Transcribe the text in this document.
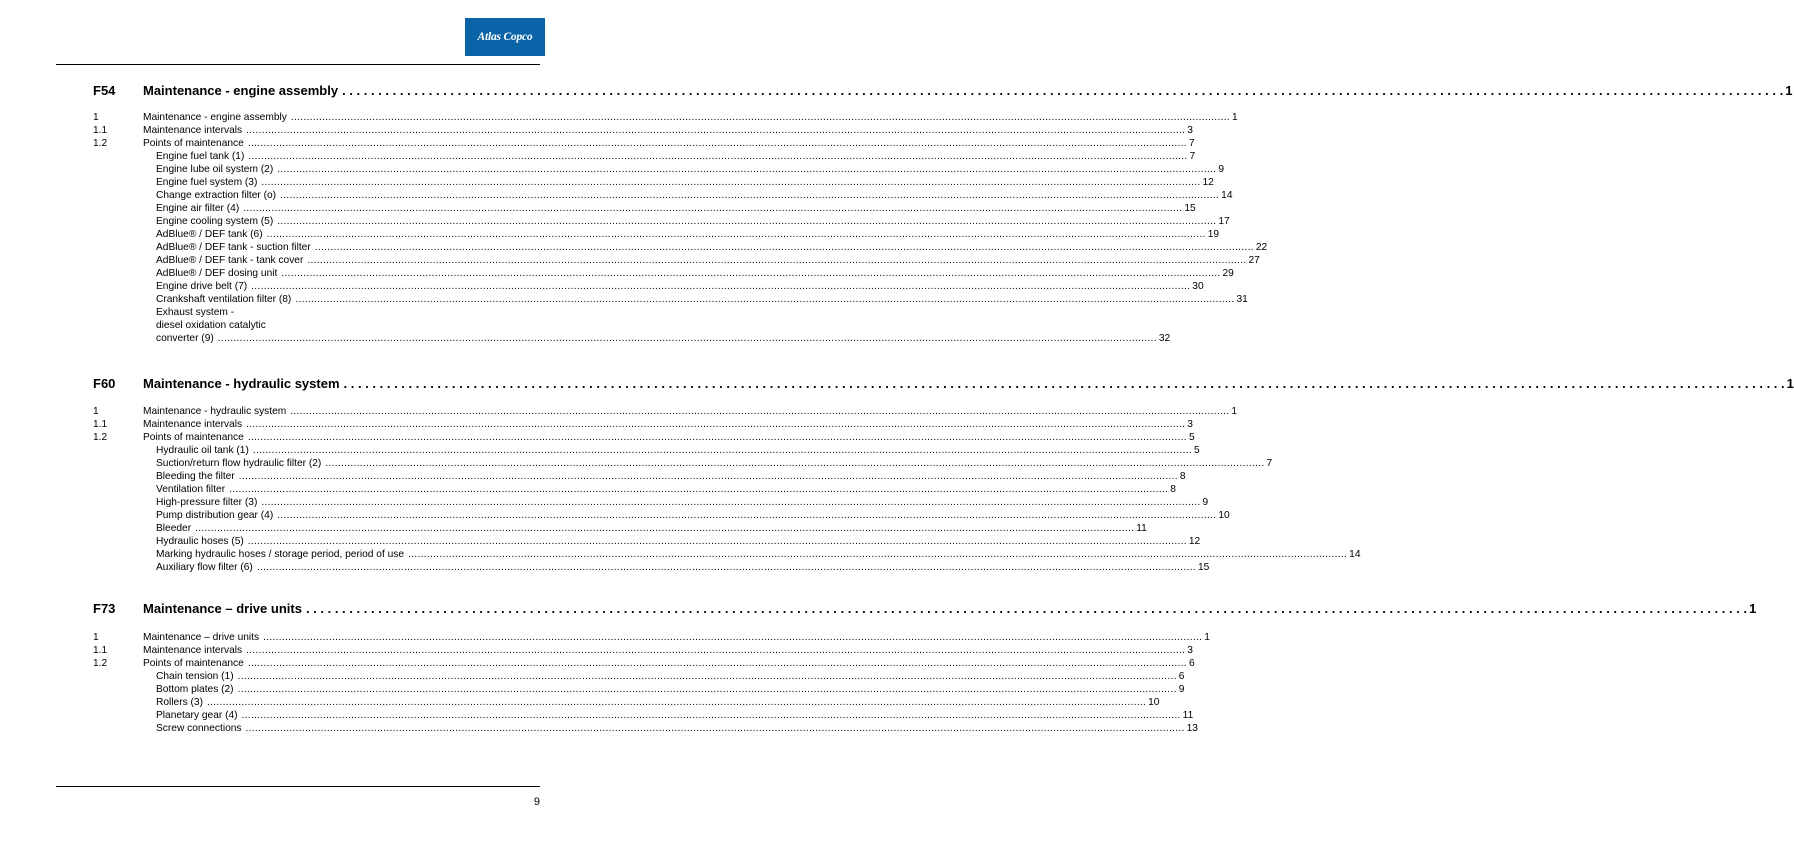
Atlas Copco
F54 Maintenance - engine assembly . . . . . . . . . . . . . . . . . . . . . . . . . . . . . . . . . . . . . . . . . . . . . . . . . . . . . . . . . . . . . . . . . . . . . . . . . . . . . . . . . . . . . . . . . . . . . . . . . . . . . . . . . . . . . . . . . . . . . . . . . . . . . . . . . . . . . . . . . . . . . . . . . . . . . . . . . . . . . . . . . . . . . . . . . . . . . . . . . . . . . . . . . . . . . . . . . . . . . . . . 1
1	Maintenance - engine assembly ............................................................................................................................................................................................................................................................................................................ 1
1.1	Maintenance intervals ............................................................................................................................................................................................................................................................................................................ 3
1.2	Points of maintenance ............................................................................................................................................................................................................................................................................................................ 7
Engine fuel tank (1) ............................................................................................................................................................................................................................................................................................................ 7
Engine lube oil system (2) ............................................................................................................................................................................................................................................................................................................ 9
Engine fuel system (3) ............................................................................................................................................................................................................................................................................................................ 12
Change extraction filter (o) ............................................................................................................................................................................................................................................................................................................ 14
Engine air filter (4) ............................................................................................................................................................................................................................................................................................................ 15
Engine cooling system (5) ............................................................................................................................................................................................................................................................................................................ 17
AdBlue® / DEF tank (6) ............................................................................................................................................................................................................................................................................................................ 19
AdBlue® / DEF tank - suction filter ............................................................................................................................................................................................................................................................................................................ 22
AdBlue® / DEF tank - tank cover ............................................................................................................................................................................................................................................................................................................ 27
AdBlue® / DEF dosing unit ............................................................................................................................................................................................................................................................................................................ 29
Engine drive belt (7) ............................................................................................................................................................................................................................................................................................................ 30
Crankshaft ventilation filter (8) ............................................................................................................................................................................................................................................................................................................ 31
Exhaust system -
diesel oxidation catalytic
converter (9) ............................................................................................................................................................................................................................................................................................................ 32
F60 Maintenance - hydraulic system . . . . . . . . . . . . . . . . . . . . . . . . . . . . . . . . . . . . . . . . . . . . . . . . . . . . . . . . . . . . . . . . . . . . . . . . . . . . . . . . . . . . . . . . . . . . . . . . . . . . . . . . . . . . . . . . . . . . . . . . . . . . . . . . . . . . . . . . . . . . . . . . . . . . . . . . . . . . . . . . . . . . . . . . . . . . . . . . . . . . . . . . . . . . . . . . . . . . . . . . 1
1	Maintenance - hydraulic system ............................................................................................................................................................................................................................................................................................................ 1
1.1	Maintenance intervals ............................................................................................................................................................................................................................................................................................................ 3
1.2	Points of maintenance ............................................................................................................................................................................................................................................................................................................ 5
Hydraulic oil tank (1) ............................................................................................................................................................................................................................................................................................................ 5
Suction/return flow hydraulic filter (2) ............................................................................................................................................................................................................................................................................................................ 7
Bleeding the filter ............................................................................................................................................................................................................................................................................................................ 8
Ventilation filter ............................................................................................................................................................................................................................................................................................................ 8
High-pressure filter (3) ............................................................................................................................................................................................................................................................................................................ 9
Pump distribution gear (4) ............................................................................................................................................................................................................................................................................................................ 10
Bleeder ............................................................................................................................................................................................................................................................................................................ 11
Hydraulic hoses (5) ............................................................................................................................................................................................................................................................................................................ 12
Marking hydraulic hoses / storage period, period of use ............................................................................................................................................................................................................................................................................................................ 14
Auxiliary flow filter (6) ............................................................................................................................................................................................................................................................................................................ 15
F73 Maintenance – drive units . . . . . . . . . . . . . . . . . . . . . . . . . . . . . . . . . . . . . . . . . . . . . . . . . . . . . . . . . . . . . . . . . . . . . . . . . . . . . . . . . . . . . . . . . . . . . . . . . . . . . . . . . . . . . . . . . . . . . . . . . . . . . . . . . . . . . . . . . . . . . . . . . . . . . . . . . . . . . . . . . . . . . . . . . . . . . . . . . . . . . . . . . . . . . . . . . . . . . . . . 1
1	Maintenance – drive units ............................................................................................................................................................................................................................................................................................................ 1
1.1	Maintenance intervals ............................................................................................................................................................................................................................................................................................................ 3
1.2	Points of maintenance ............................................................................................................................................................................................................................................................................................................ 6
Chain tension (1) ............................................................................................................................................................................................................................................................................................................ 6
Bottom plates (2) ............................................................................................................................................................................................................................................................................................................ 9
Rollers (3) ............................................................................................................................................................................................................................................................................................................ 10
Planetary gear (4) ............................................................................................................................................................................................................................................................................................................ 11
Screw connections ............................................................................................................................................................................................................................................................................................................ 13
9
